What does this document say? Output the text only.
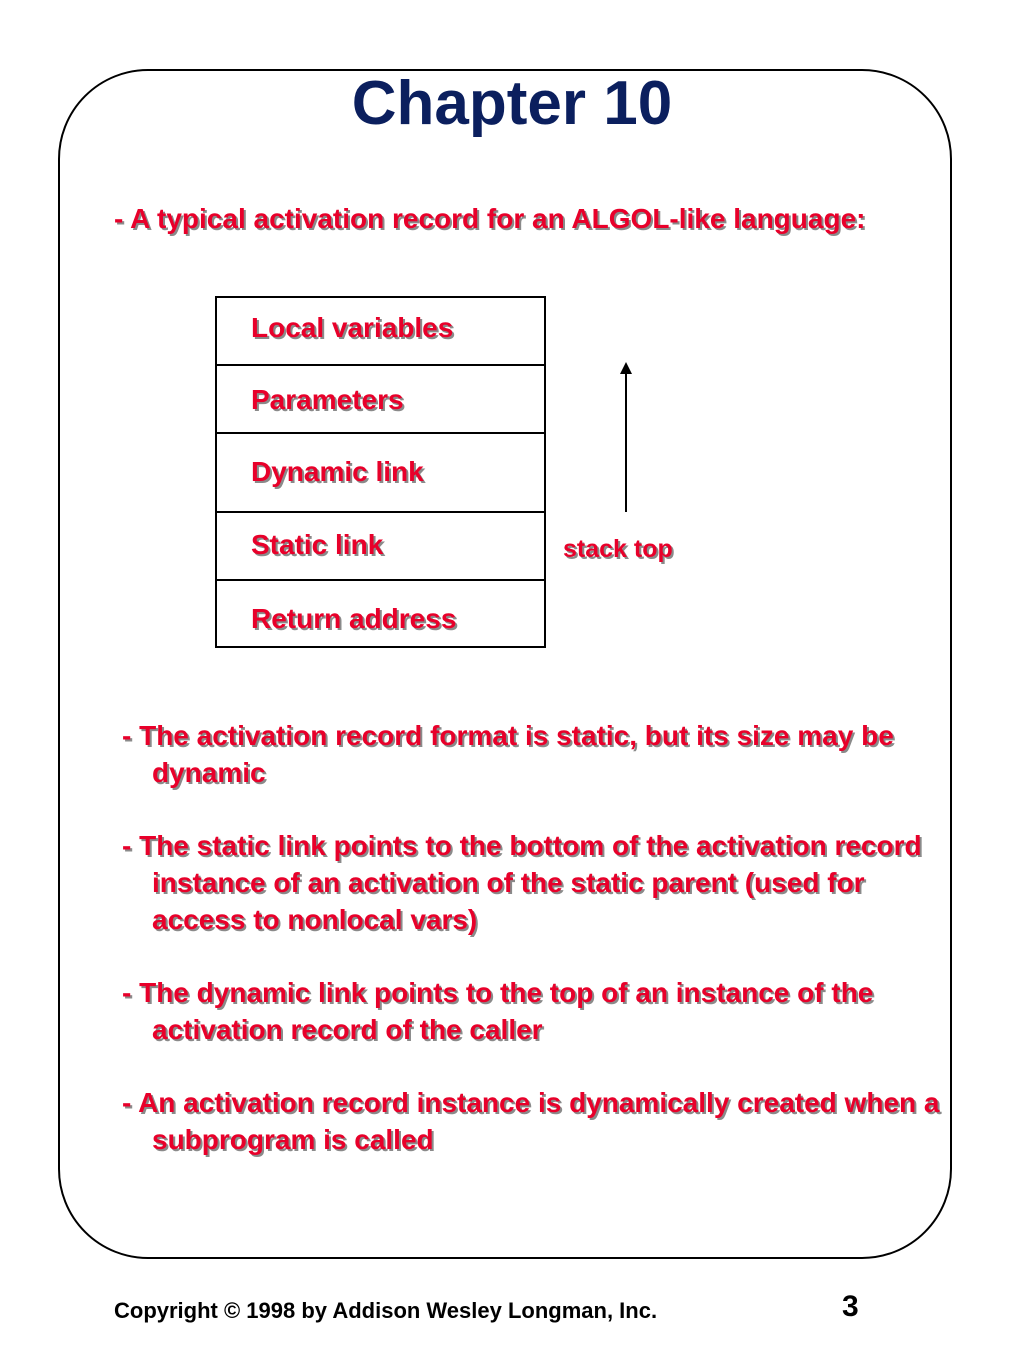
Chapter 10

- A typical activation record for an ALGOL-like language:

Local variables
Parameters
Dynamic link
Static link
Return address
stack top

- The activation record format is static, but its size may be dynamic

- The static link points to the bottom of the activation record instance of an activation of the static parent (used for access to nonlocal vars)

- The dynamic link points to the top of an instance of the activation record of the caller

- An activation record instance is dynamically created when a subprogram is called

Copyright © 1998 by Addison Wesley Longman, Inc.	3
